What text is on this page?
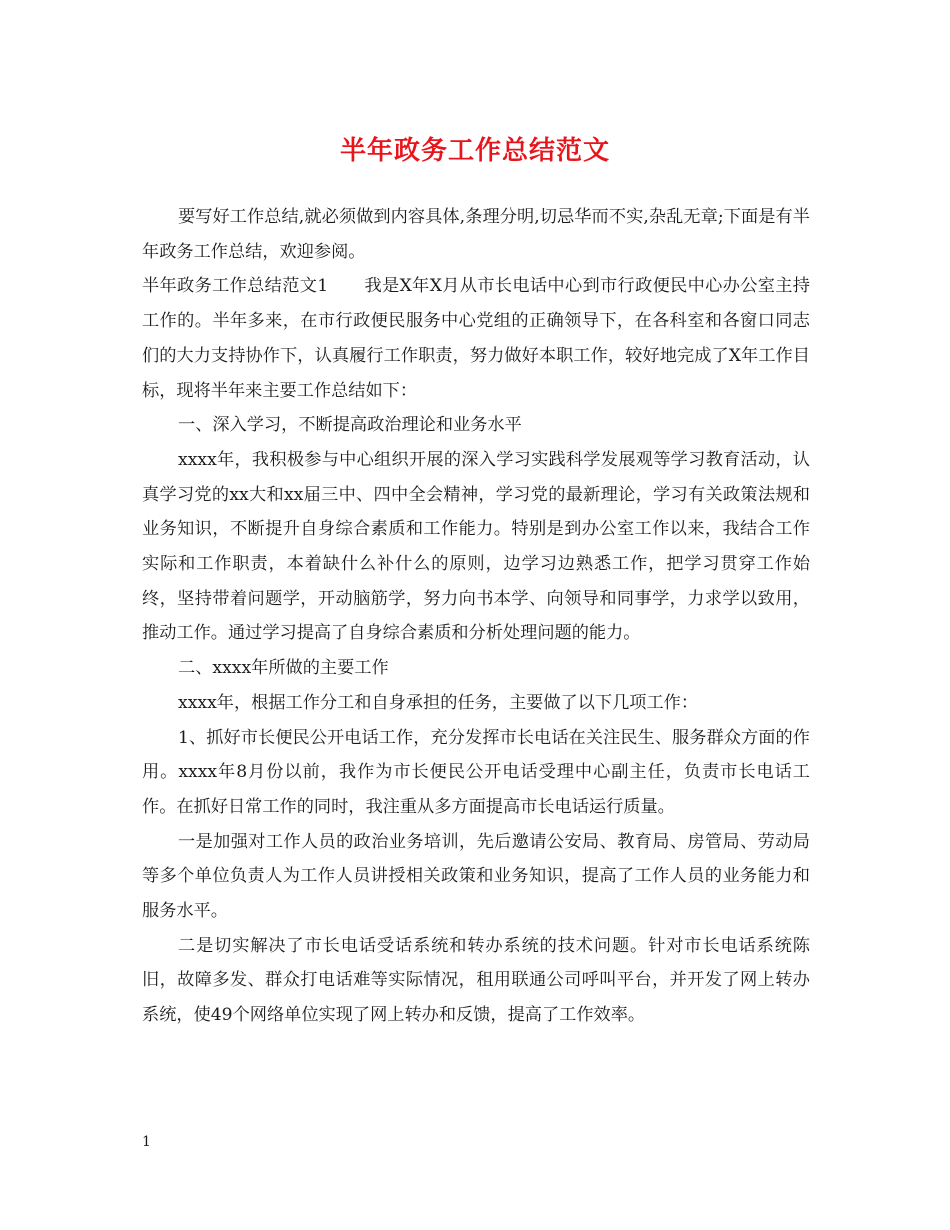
半年政务工作总结范文

要写好工作总结,就必须做到内容具体,条理分明,切忌华而不实,杂乱无章;下面是有半年政务工作总结，欢迎参阅。

半年政务工作总结范文1 我是X年X月从市长电话中心到市行政便民中心办公室主持工作的。半年多来，在市行政便民服务中心党组的正确领导下，在各科室和各窗口同志们的大力支持协作下，认真履行工作职责，努力做好本职工作，较好地完成了X年工作目标，现将半年来主要工作总结如下：

一、深入学习，不断提高政治理论和业务水平

xxxx年，我积极参与中心组织开展的深入学习实践科学发展观等学习教育活动，认真学习党的xx大和xx届三中、四中全会精神，学习党的最新理论，学习有关政策法规和业务知识，不断提升自身综合素质和工作能力。特别是到办公室工作以来，我结合工作实际和工作职责，本着缺什么补什么的原则，边学习边熟悉工作，把学习贯穿工作始终，坚持带着问题学，开动脑筋学，努力向书本学、向领导和同事学，力求学以致用，推动工作。通过学习提高了自身综合素质和分析处理问题的能力。

二、xxxx年所做的主要工作

xxxx年，根据工作分工和自身承担的任务，主要做了以下几项工作：

1、抓好市长便民公开电话工作，充分发挥市长电话在关注民生、服务群众方面的作用。xxxx年8月份以前，我作为市长便民公开电话受理中心副主任，负责市长电话工作。在抓好日常工作的同时，我注重从多方面提高市长电话运行质量。

一是加强对工作人员的政治业务培训，先后邀请公安局、教育局、房管局、劳动局等多个单位负责人为工作人员讲授相关政策和业务知识，提高了工作人员的业务能力和服务水平。

二是切实解决了市长电话受话系统和转办系统的技术问题。针对市长电话系统陈旧，故障多发、群众打电话难等实际情况，租用联通公司呼叫平台，并开发了网上转办系统，使49个网络单位实现了网上转办和反馈，提高了工作效率。

1
